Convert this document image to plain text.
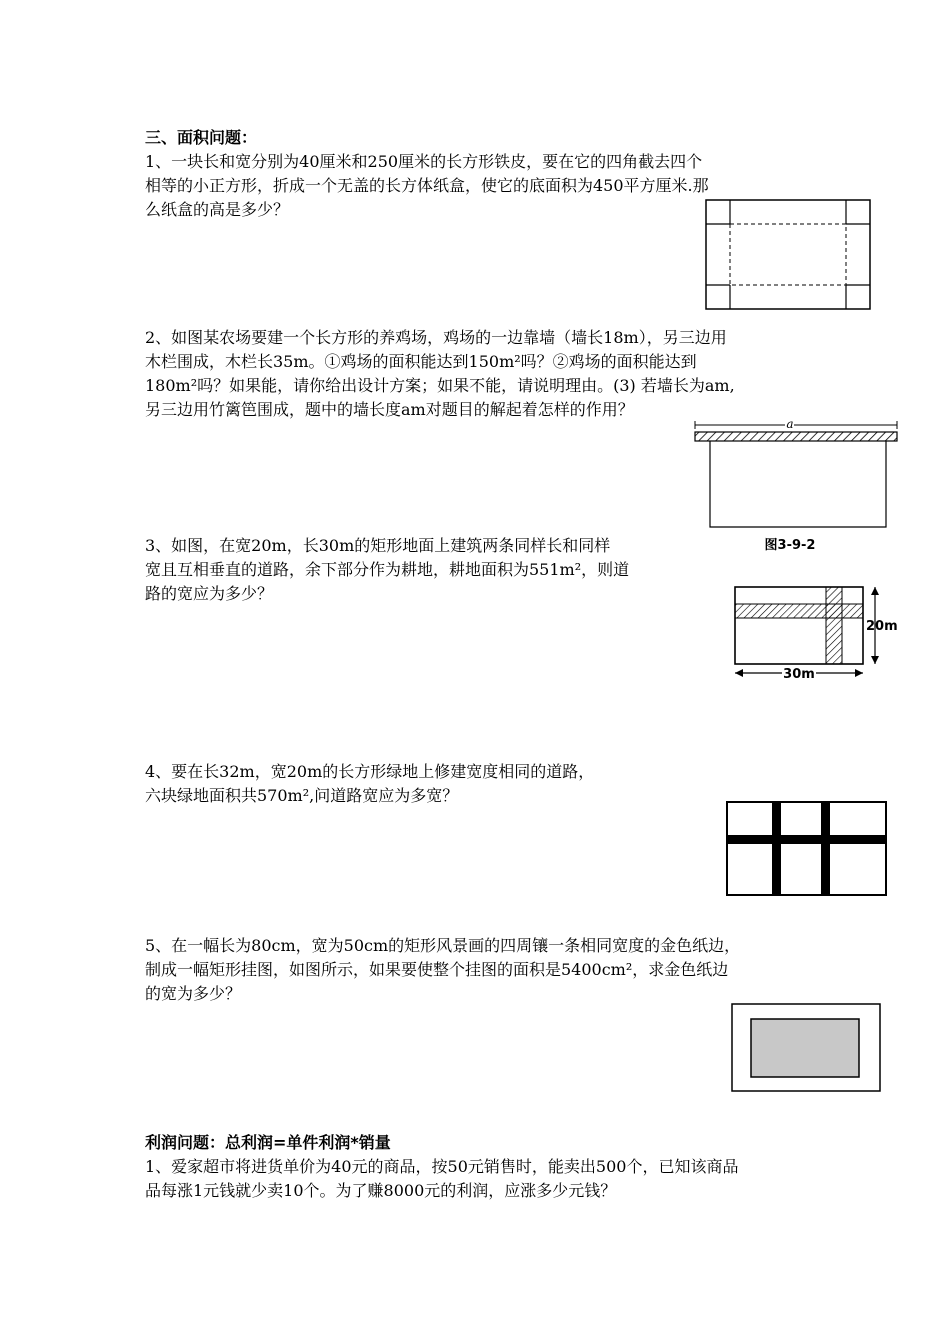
三、面积问题：
1、一块长和宽分别为40厘米和250厘米的长方形铁皮，要在它的四角截去四个
相等的小正方形，折成一个无盖的长方体纸盒，使它的底面积为450平方厘米.那
么纸盒的高是多少？
2、如图某农场要建一个长方形的养鸡场，鸡场的一边靠墙（墙长18m），另三边用
木栏围成，木栏长35m。①鸡场的面积能达到150m²吗？②鸡场的面积能达到
180m²吗？如果能，请你给出设计方案；如果不能，请说明理由。(3) 若墙长为am,
另三边用竹篱笆围成，题中的墙长度am对题目的解起着怎样的作用？
a
图3-9-2
3、如图，在宽20m，长30m的矩形地面上建筑两条同样长和同样
宽且互相垂直的道路，余下部分作为耕地，耕地面积为551m²，则道
路的宽应为多少？
20m
30m
4、要在长32m，宽20m的长方形绿地上修建宽度相同的道路，
六块绿地面积共570m²,问道路宽应为多宽？
5、在一幅长为80cm，宽为50cm的矩形风景画的四周镶一条相同宽度的金色纸边，
制成一幅矩形挂图，如图所示，如果要使整个挂图的面积是5400cm²，求金色纸边
的宽为多少？
利润问题：总利润=单件利润*销量
1、爱家超市将进货单价为40元的商品，按50元销售时，能卖出500个，已知该商品
品每涨1元钱就少卖10个。为了赚8000元的利润，应涨多少元钱？
